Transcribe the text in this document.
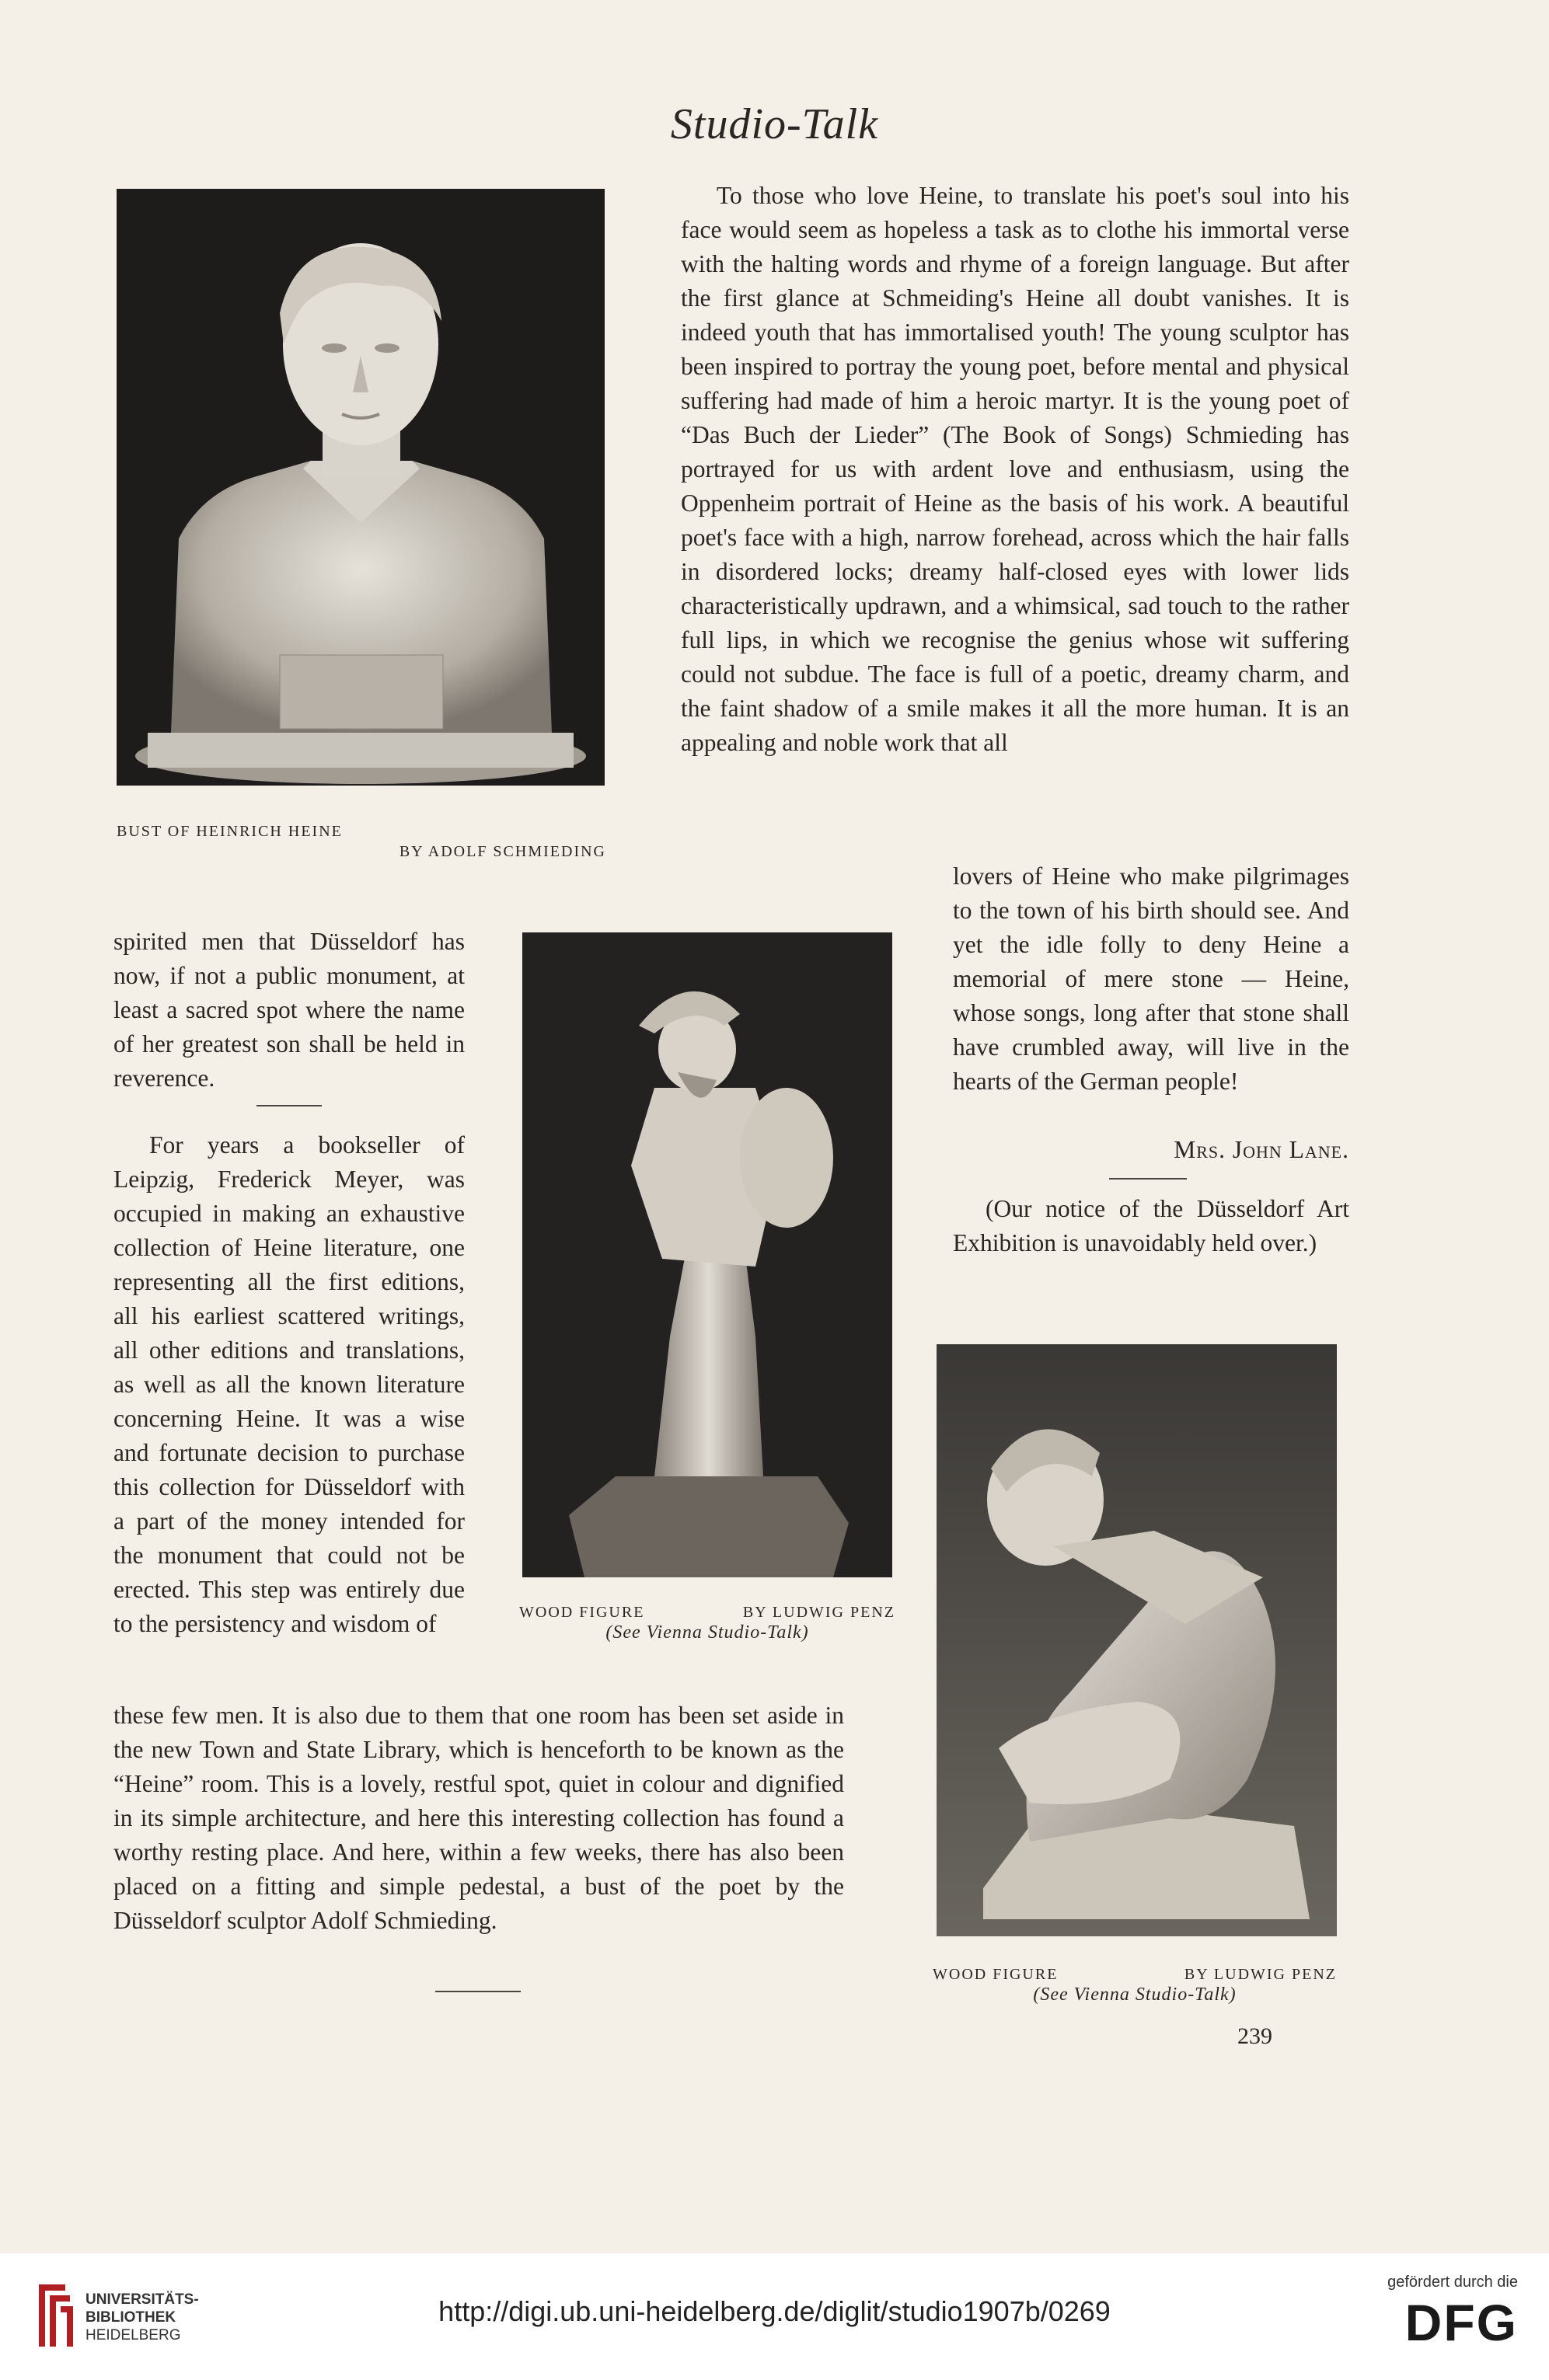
Studio-Talk
BUST OF HEINRICH HEINE
BY ADOLF SCHMIEDING

To those who love Heine, to translate his poet's soul into his face would seem as hopeless a task as to clothe his immortal verse with the halting words and rhyme of a foreign language. But after the first glance at Schmeiding's Heine all doubt vanishes. It is indeed youth that has immortalised youth! The young sculptor has been inspired to portray the young poet, before mental and physical suffering had made of him a heroic martyr. It is the young poet of “Das Buch der Lieder” (The Book of Songs) Schmieding has portrayed for us with ardent love and enthusiasm, using the Oppenheim portrait of Heine as the basis of his work. A beautiful poet's face with a high, narrow forehead, across which the hair falls in disordered locks; dreamy half-closed eyes with lower lids characteristically updrawn, and a whimsical, sad touch to the rather full lips, in which we recognise the genius whose wit suffering could not subdue. The face is full of a poetic, dreamy charm, and the faint shadow of a smile makes it all the more human. It is an appealing and noble work that all

lovers of Heine who make pilgrimages to the town of his birth should see. And yet the idle folly to deny Heine a memorial of mere stone — Heine, whose songs, long after that stone shall have crumbled away, will live in the hearts of the German people!

Mrs. John Lane.

(Our notice of the Düsseldorf Art Exhibition is unavoidably held over.)

WOOD FIGURE	BY LUDWIG PENZ
(See Vienna Studio-Talk)

spirited men that Düsseldorf has now, if not a public monument, at least a sacred spot where the name of her greatest son shall be held in reverence.

For years a bookseller of Leipzig, Frederick Meyer, was occupied in making an exhaustive collection of Heine literature, one representing all the first editions, all his earliest scattered writings, all other editions and translations, as well as all the known literature concerning Heine. It was a wise and fortunate decision to purchase this collection for Düsseldorf with a part of the money intended for the monument that could not be erected. This step was entirely due to the persistency and wisdom of

these few men. It is also due to them that one room has been set aside in the new Town and State Library, which is henceforth to be known as the “Heine” room. This is a lovely, restful spot, quiet in colour and dignified in its simple architecture, and here this interesting collection has found a worthy resting place. And here, within a few weeks, there has also been placed on a fitting and simple pedestal, a bust of the poet by the Düsseldorf sculptor Adolf Schmieding.

WOOD FIGURE	BY LUDWIG PENZ
(See Vienna Studio-Talk)
239
UNIVERSITÄTS-
BIBLIOTHEK
HEIDELBERG
http://digi.ub.uni-heidelberg.de/diglit/studio1907b/0269
gefördert durch die
DFG
